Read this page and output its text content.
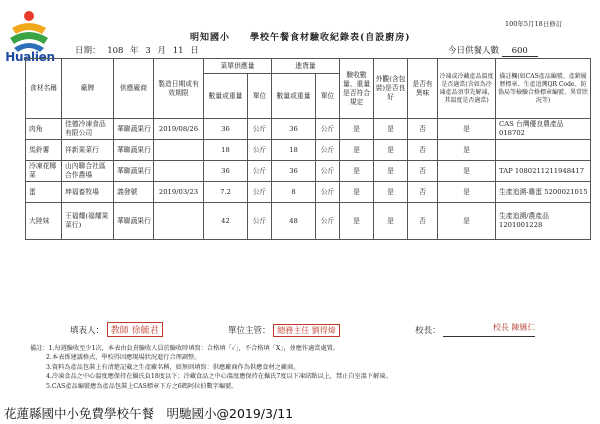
Hualien
明知國小　　學校午餐食材驗收紀錄表(自設廚房)
100年5月18日修訂
日期： 108 年 3 月 11 日	今日供餐人數 600
食材名稱	廠牌	供應廠商	製造日期或有效期限	菜單供應量		進貨量		驗收數量、重量是否符合規定	外觀(含包裝)是否良好	是否有異味	冷凍或冷藏產品溫度是否適當(含如為冷凍產品須事先解凍，其溫度是否適當)	備註欄(如CAS產品編號、產銷履歷標章、生產追溯QR Code、防偽局等檢驗合格標章編號、異常狀況等)
				數量或重量	單位	數量或重量	單位					
肉角	佳德冷凍食品有限公司	華聯蔬果行	2019/08/26	36	公斤	36	公斤	是	是	否	是	CAS 台灣優良農產品 018702
馬鈴薯	祥新果菜行	華聯蔬果行		18	公斤	18	公斤	是	是	否	是	
冷凍花椰菜	山內聯合社區合作農場	華聯蔬果行		36	公斤	36	公斤	是	是	否	是	TAP 1080211211948417
蛋	坤福畜牧場	義發號	2019/03/23	7.2	公斤	8	公斤	是	是	否	是	生產追溯-雞蛋 5200021015
大陸妹	王福耀(福耀果菜行)	華聯蔬果行		42	公斤	48	公斤	是	是	否	是	生產追溯/農產品 1201001228
填表人： 教師 徐毓君	單位主管： 總務主任 劉得煒	校長：	校長 陳嬿仁
備註：1.每週驗收至少1次，本表由負責驗收人員於驗收時填寫：合格填「✓」，不合格填「X」，並應作適當處置。
2.本表係建議格式，學校得因應現場狀況進行合理調整。
3.資料為產品包裝上有清楚記載之生產廠名稱，如無則填寫：供應廠商作為供應食材之廠商。
4.冷凍食品之中心溫度應保持在攝氏負18度以下；冷藏食品之中心溫度應保持在攝氏7度以下凍結點以上，禁止自室溫下解凍。
5.CAS產品編號應為產品包裝上CAS標章下方之6碼阿拉伯數字編號。
花蓮縣國中小免費學校午餐　明馳國小@2019/3/11
